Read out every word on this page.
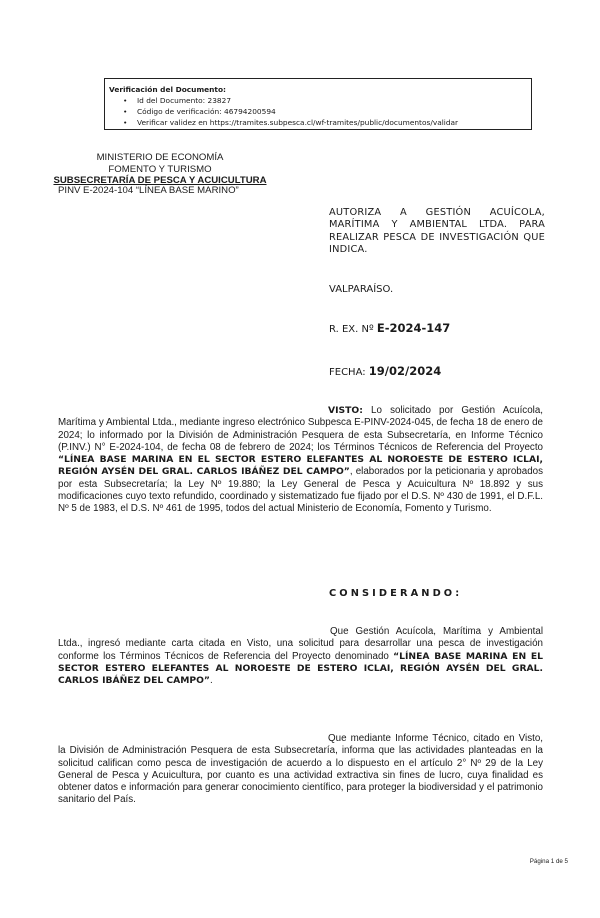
Verificación del Documento:
• Id del Documento: 23827
• Código de verificación: 46794200594
• Verificar validez en https://tramites.subpesca.cl/wf-tramites/public/documentos/validar
MINISTERIO DE ECONOMÍA
FOMENTO Y TURISMO
SUBSECRETARÍA DE PESCA Y ACUICULTURA
PINV E-2024-104 “LÍNEA BASE MARINO”
AUTORIZA A GESTIÓN ACUÍCOLA, MARÍTIMA Y AMBIENTAL LTDA. PARA REALIZAR PESCA DE INVESTIGACIÓN QUE INDICA.
VALPARAÍSO.
R. EX. Nº E-2024-147
FECHA: 19/02/2024
VISTO: Lo solicitado por Gestión Acuícola, Marítima y Ambiental Ltda., mediante ingreso electrónico Subpesca E-PINV-2024-045, de fecha 18 de enero de 2024; lo informado por la División de Administración Pesquera de esta Subsecretaría, en Informe Técnico (P.INV.) N° E-2024-104, de fecha 08 de febrero de 2024; los Términos Técnicos de Referencia del Proyecto “LÍNEA BASE MARINA EN EL SECTOR ESTERO ELEFANTES AL NOROESTE DE ESTERO ICLAI, REGIÓN AYSÉN DEL GRAL. CARLOS IBÁÑEZ DEL CAMPO”, elaborados por la peticionaria y aprobados por esta Subsecretaría; la Ley Nº 19.880; la Ley General de Pesca y Acuicultura Nº 18.892 y sus modificaciones cuyo texto refundido, coordinado y sistematizado fue fijado por el D.S. Nº 430 de 1991, el D.F.L. Nº 5 de 1983, el D.S. Nº 461 de 1995, todos del actual Ministerio de Economía, Fomento y Turismo.
CONSIDERANDO:
Que Gestión Acuícola, Marítima y Ambiental Ltda., ingresó mediante carta citada en Visto, una solicitud para desarrollar una pesca de investigación conforme los Términos Técnicos de Referencia del Proyecto denominado “LÍNEA BASE MARINA EN EL SECTOR ESTERO ELEFANTES AL NOROESTE DE ESTERO ICLAI, REGIÓN AYSÉN DEL GRAL. CARLOS IBÁÑEZ DEL CAMPO”.
Que mediante Informe Técnico, citado en Visto, la División de Administración Pesquera de esta Subsecretaría, informa que las actividades planteadas en la solicitud califican como pesca de investigación de acuerdo a lo dispuesto en el artículo 2° Nº 29 de la Ley General de Pesca y Acuicultura, por cuanto es una actividad extractiva sin fines de lucro, cuya finalidad es obtener datos e información para generar conocimiento científico, para proteger la biodiversidad y el patrimonio sanitario del País.
Página 1 de 5
